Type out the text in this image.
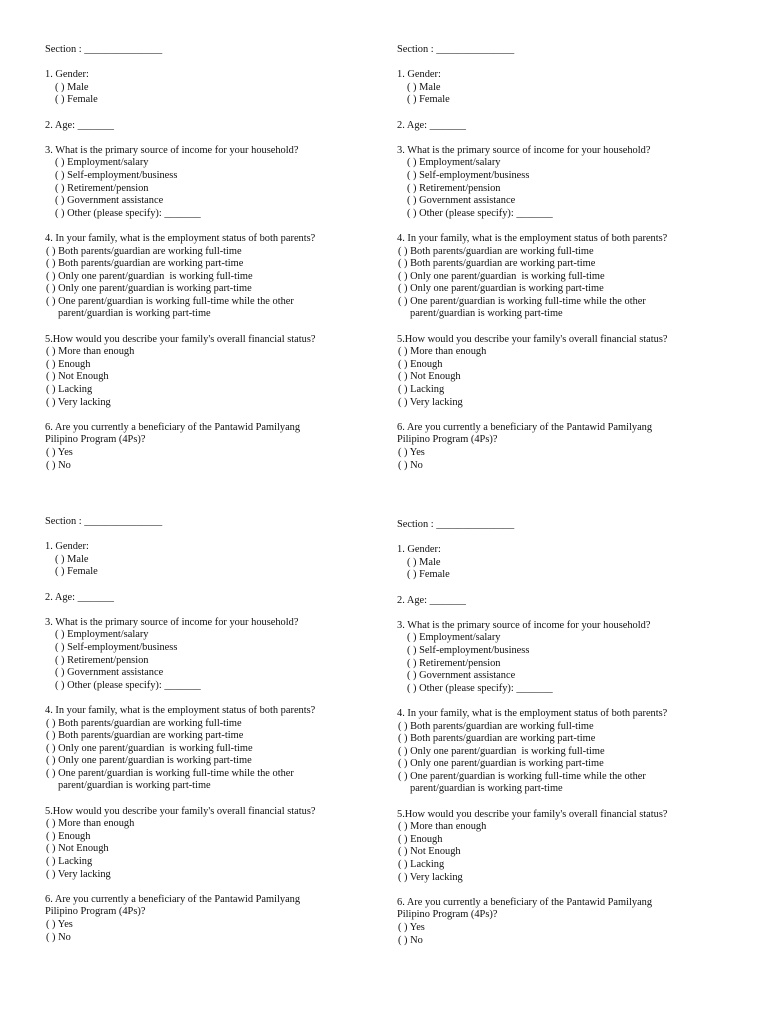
Section : _______________
1. Gender:
( ) Male
( ) Female
2. Age: _______
3. What is the primary source of income for your household?
( ) Employment/salary
( ) Self-employment/business
( ) Retirement/pension
( ) Government assistance
( ) Other (please specify): _______
4. In your family, what is the employment status of both parents?
( ) Both parents/guardian are working full-time
( ) Both parents/guardian are working part-time
( ) Only one parent/guardian  is working full-time
( ) Only one parent/guardian is working part-time
( ) One parent/guardian is working full-time while the other
parent/guardian is working part-time
5.How would you describe your family's overall financial status?
( ) More than enough
( ) Enough
( ) Not Enough
( ) Lacking
( ) Very lacking
6. Are you currently a beneficiary of the Pantawid Pamilyang
Pilipino Program (4Ps)?
( ) Yes
( ) No
Section : _______________
1. Gender:
( ) Male
( ) Female
2. Age: _______
3. What is the primary source of income for your household?
( ) Employment/salary
( ) Self-employment/business
( ) Retirement/pension
( ) Government assistance
( ) Other (please specify): _______
4. In your family, what is the employment status of both parents?
( ) Both parents/guardian are working full-time
( ) Both parents/guardian are working part-time
( ) Only one parent/guardian  is working full-time
( ) Only one parent/guardian is working part-time
( ) One parent/guardian is working full-time while the other
parent/guardian is working part-time
5.How would you describe your family's overall financial status?
( ) More than enough
( ) Enough
( ) Not Enough
( ) Lacking
( ) Very lacking
6. Are you currently a beneficiary of the Pantawid Pamilyang
Pilipino Program (4Ps)?
( ) Yes
( ) No
Section : _______________
1. Gender:
( ) Male
( ) Female
2. Age: _______
3. What is the primary source of income for your household?
( ) Employment/salary
( ) Self-employment/business
( ) Retirement/pension
( ) Government assistance
( ) Other (please specify): _______
4. In your family, what is the employment status of both parents?
( ) Both parents/guardian are working full-time
( ) Both parents/guardian are working part-time
( ) Only one parent/guardian  is working full-time
( ) Only one parent/guardian is working part-time
( ) One parent/guardian is working full-time while the other
parent/guardian is working part-time
5.How would you describe your family's overall financial status?
( ) More than enough
( ) Enough
( ) Not Enough
( ) Lacking
( ) Very lacking
6. Are you currently a beneficiary of the Pantawid Pamilyang
Pilipino Program (4Ps)?
( ) Yes
( ) No
Section : _______________
1. Gender:
( ) Male
( ) Female
2. Age: _______
3. What is the primary source of income for your household?
( ) Employment/salary
( ) Self-employment/business
( ) Retirement/pension
( ) Government assistance
( ) Other (please specify): _______
4. In your family, what is the employment status of both parents?
( ) Both parents/guardian are working full-time
( ) Both parents/guardian are working part-time
( ) Only one parent/guardian  is working full-time
( ) Only one parent/guardian is working part-time
( ) One parent/guardian is working full-time while the other
parent/guardian is working part-time
5.How would you describe your family's overall financial status?
( ) More than enough
( ) Enough
( ) Not Enough
( ) Lacking
( ) Very lacking
6. Are you currently a beneficiary of the Pantawid Pamilyang
Pilipino Program (4Ps)?
( ) Yes
( ) No
